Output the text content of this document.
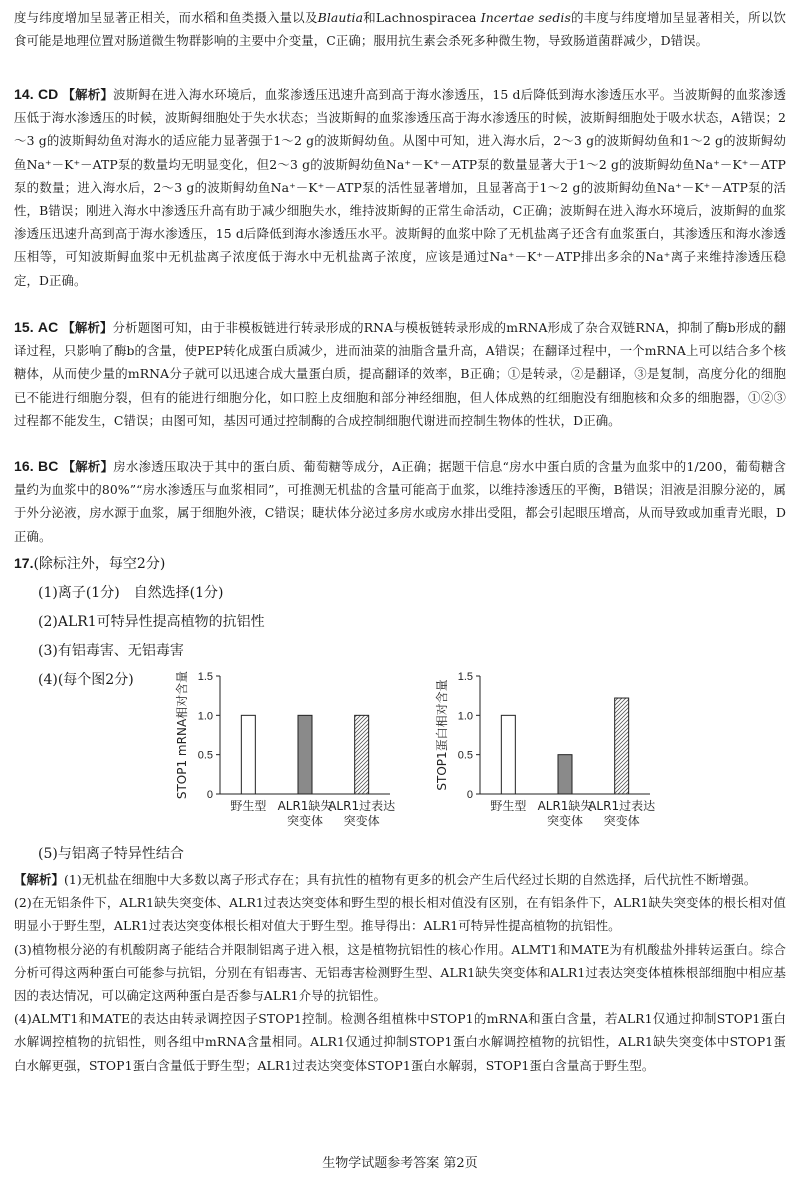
度与纬度增加呈显著正相关，而水稻和鱼类摄入量以及Blautia和Lachnospiracea Incertae sedis的丰度与纬度增加呈显著相关，所以饮食可能是地理位置对肠道微生物群影响的主要中介变量，C正确；服用抗生素会杀死多种微生物，导致肠道菌群减少，D错误。

14. CD 【解析】波斯鲟在进入海水环境后，血浆渗透压迅速升高到高于海水渗透压，15 d后降低到海水渗透压水平。当波斯鲟的血浆渗透压低于海水渗透压的时候，波斯鲟细胞处于失水状态；当波斯鲟的血浆渗透压高于海水渗透压的时候，波斯鲟细胞处于吸水状态，A错误；2～3 g的波斯鲟幼鱼对海水的适应能力显著强于1～2 g的波斯鲟幼鱼。从图中可知，进入海水后，2～3 g的波斯鲟幼鱼和1～2 g的波斯鲟幼鱼Na⁺－K⁺－ATP泵的数量均无明显变化，但2～3 g的波斯鲟幼鱼Na⁺－K⁺－ATP泵的数量显著大于1～2 g的波斯鲟幼鱼Na⁺－K⁺－ATP泵的数量；进入海水后，2～3 g的波斯鲟幼鱼Na⁺－K⁺－ATP泵的活性显著增加，且显著高于1～2 g的波斯鲟幼鱼Na⁺－K⁺－ATP泵的活性，B错误；刚进入海水中渗透压升高有助于减少细胞失水，维持波斯鲟的正常生命活动，C正确；波斯鲟在进入海水环境后，波斯鲟的血浆渗透压迅速升高到高于海水渗透压，15 d后降低到海水渗透压水平。波斯鲟的血浆中除了无机盐离子还含有血浆蛋白，其渗透压和海水渗透压相等，可知波斯鲟血浆中无机盐离子浓度低于海水中无机盐离子浓度，应该是通过Na⁺－K⁺－ATP排出多余的Na⁺离子来维持渗透压稳定，D正确。

15. AC 【解析】分析题图可知，由于非模板链进行转录形成的RNA与模板链转录形成的mRNA形成了杂合双链RNA，抑制了酶b形成的翻译过程，只影响了酶b的含量，使PEP转化成蛋白质减少，进而油菜的油脂含量升高，A错误；在翻译过程中，一个mRNA上可以结合多个核糖体，从而使少量的mRNA分子就可以迅速合成大量蛋白质，提高翻译的效率，B正确；①是转录，②是翻译，③是复制，高度分化的细胞已不能进行细胞分裂，但有的能进行细胞分化，如口腔上皮细胞和部分神经细胞，但人体成熟的红细胞没有细胞核和众多的细胞器，①②③过程都不能发生，C错误；由图可知，基因可通过控制酶的合成控制细胞代谢进而控制生物体的性状，D正确。

16. BC 【解析】房水渗透压取决于其中的蛋白质、葡萄糖等成分，A正确；据题干信息“房水中蛋白质的含量为血浆中的1/200，葡萄糖含量约为血浆中的80%”“房水渗透压与血浆相同”，可推测无机盐的含量可能高于血浆，以维持渗透压的平衡，B错误；泪液是泪腺分泌的，属于外分泌液，房水源于血浆，属于细胞外液，C错误；睫状体分泌过多房水或房水排出受阻，都会引起眼压增高，从而导致或加重青光眼，D正确。

17.(除标注外，每空2分)
(1)离子(1分)　自然选择(1分)
(2)ALR1可特异性提高植物的抗铝性
(3)有铝毒害、无铝毒害
(4)(每个图2分)
0
0.5
1.0
1.5
STOP1 mRNA相对含量
野生型 ALR1缺失
突变体
ALR1过表达
突变体
0
0.5
1.0
1.5
STOP1蛋白相对含量
野生型 ALR1缺失
突变体
ALR1过表达
突变体
(5)与铝离子特异性结合

【解析】(1)无机盐在细胞中大多数以离子形式存在；具有抗性的植物有更多的机会产生后代经过长期的自然选择，后代抗性不断增强。

(2)在无铝条件下，ALR1缺失突变体、ALR1过表达突变体和野生型的根长相对值没有区别，在有铝条件下，ALR1缺失突变体的根长相对值明显小于野生型，ALR1过表达突变体根长相对值大于野生型。推导得出：ALR1可特异性提高植物的抗铝性。

(3)植物根分泌的有机酸阴离子能结合并限制铝离子进入根，这是植物抗铝性的核心作用。ALMT1和MATE为有机酸盐外排转运蛋白。综合分析可得这两种蛋白可能参与抗铝，分别在有铝毒害、无铝毒害检测野生型、ALR1缺失突变体和ALR1过表达突变体植株根部细胞中相应基因的表达情况，可以确定这两种蛋白是否参与ALR1介导的抗铝性。

(4)ALMT1和MATE的表达由转录调控因子STOP1控制。检测各组植株中STOP1的mRNA和蛋白含量，若ALR1仅通过抑制STOP1蛋白水解调控植物的抗铝性，则各组中mRNA含量相同。ALR1仅通过抑制STOP1蛋白水解调控植物的抗铝性，ALR1缺失突变体中STOP1蛋白水解更强，STOP1蛋白含量低于野生型；ALR1过表达突变体STOP1蛋白水解弱，STOP1蛋白含量高于野生型。

生物学试题参考答案 第2页
